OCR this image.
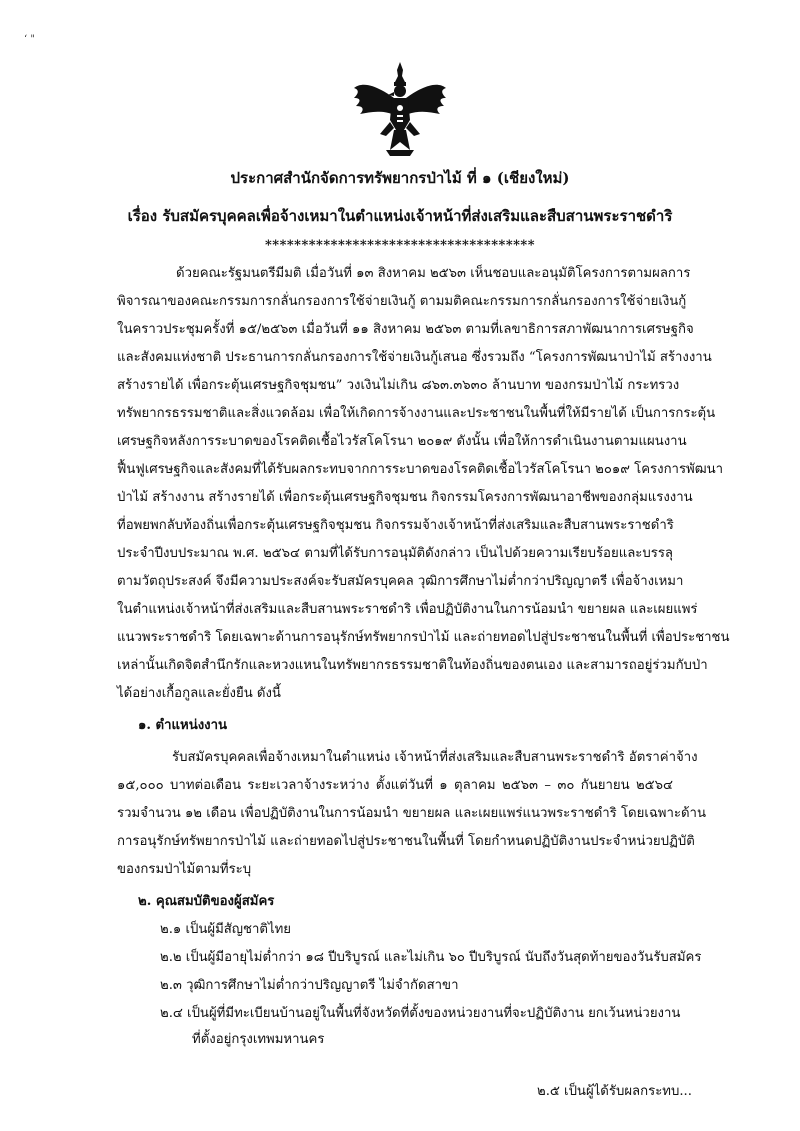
‘ "
ประกาศสำนักจัดการทรัพยากรป่าไม้ ที่ ๑ (เชียงใหม่)
เรื่อง รับสมัครบุคคลเพื่อจ้างเหมาในตำแหน่งเจ้าหน้าที่ส่งเสริมและสืบสานพระราชดำริ
*************************************
ด้วยคณะรัฐมนตรีมีมติ เมื่อวันที่ ๑๓ สิงหาคม ๒๕๖๓ เห็นชอบและอนุมัติโครงการตามผลการ
พิจารณาของคณะกรรมการกลั่นกรองการใช้จ่ายเงินกู้ ตามมติคณะกรรมการกลั่นกรองการใช้จ่ายเงินกู้
ในคราวประชุมครั้งที่ ๑๕/๒๕๖๓ เมื่อวันที่ ๑๑ สิงหาคม ๒๕๖๓ ตามที่เลขาธิการสภาพัฒนาการเศรษฐกิจ
และสังคมแห่งชาติ ประธานการกลั่นกรองการใช้จ่ายเงินกู้เสนอ ซึ่งรวมถึง “โครงการพัฒนาป่าไม้ สร้างงาน
สร้างรายได้ เพื่อกระตุ้นเศรษฐกิจชุมชน” วงเงินไม่เกิน ๘๖๓.๓๖๓๐ ล้านบาท ของกรมป่าไม้ กระทรวง
ทรัพยากรธรรมชาติและสิ่งแวดล้อม เพื่อให้เกิดการจ้างงานและประชาชนในพื้นที่ให้มีรายได้ เป็นการกระตุ้น
เศรษฐกิจหลังการระบาดของโรคติดเชื้อไวรัสโคโรนา ๒๐๑๙ ดังนั้น เพื่อให้การดำเนินงานตามแผนงาน
ฟื้นฟูเศรษฐกิจและสังคมที่ได้รับผลกระทบจากการระบาดของโรคติดเชื้อไวรัสโคโรนา ๒๐๑๙ โครงการพัฒนา
ป่าไม้ สร้างงาน สร้างรายได้ เพื่อกระตุ้นเศรษฐกิจชุมชน กิจกรรมโครงการพัฒนาอาชีพของกลุ่มแรงงาน
ที่อพยพกลับท้องถิ่นเพื่อกระตุ้นเศรษฐกิจชุมชน กิจกรรมจ้างเจ้าหน้าที่ส่งเสริมและสืบสานพระราชดำริ
ประจำปีงบประมาณ พ.ศ. ๒๕๖๔ ตามที่ได้รับการอนุมัติดังกล่าว เป็นไปด้วยความเรียบร้อยและบรรลุ
ตามวัตถุประสงค์ จึงมีความประสงค์จะรับสมัครบุคคล วุฒิการศึกษาไม่ต่ำกว่าปริญญาตรี เพื่อจ้างเหมา
ในตำแหน่งเจ้าหน้าที่ส่งเสริมและสืบสานพระราชดำริ เพื่อปฏิบัติงานในการน้อมนำ ขยายผล และเผยแพร่
แนวพระราชดำริ โดยเฉพาะด้านการอนุรักษ์ทรัพยากรป่าไม้ และถ่ายทอดไปสู่ประชาชนในพื้นที่ เพื่อประชาชน
เหล่านั้นเกิดจิตสำนึกรักและหวงแหนในทรัพยากรธรรมชาติในท้องถิ่นของตนเอง และสามารถอยู่ร่วมกับป่า
ได้อย่างเกื้อกูลและยั่งยืน ดังนี้
๑. ตำแหน่งงาน
รับสมัครบุคคลเพื่อจ้างเหมาในตำแหน่ง เจ้าหน้าที่ส่งเสริมและสืบสานพระราชดำริ อัตราค่าจ้าง
๑๕,๐๐๐ บาทต่อเดือน ระยะเวลาจ้างระหว่าง ตั้งแต่วันที่ ๑ ตุลาคม ๒๕๖๓ – ๓๐ กันยายน ๒๕๖๔
รวมจำนวน ๑๒ เดือน เพื่อปฏิบัติงานในการน้อมนำ ขยายผล และเผยแพร่แนวพระราชดำริ โดยเฉพาะด้าน
การอนุรักษ์ทรัพยากรป่าไม้ และถ่ายทอดไปสู่ประชาชนในพื้นที่ โดยกำหนดปฏิบัติงานประจำหน่วยปฏิบัติ
ของกรมป่าไม้ตามที่ระบุ
๒. คุณสมบัติของผู้สมัคร
๒.๑ เป็นผู้มีสัญชาติไทย
๒.๒ เป็นผู้มีอายุไม่ต่ำกว่า ๑๘ ปีบริบูรณ์ และไม่เกิน ๖๐ ปีบริบูรณ์ นับถึงวันสุดท้ายของวันรับสมัคร
๒.๓ วุฒิการศึกษาไม่ต่ำกว่าปริญญาตรี ไม่จำกัดสาขา
๒.๔ เป็นผู้ที่มีทะเบียนบ้านอยู่ในพื้นที่จังหวัดที่ตั้งของหน่วยงานที่จะปฏิบัติงาน ยกเว้นหน่วยงาน
ที่ตั้งอยู่กรุงเทพมหานคร
๒.๕ เป็นผู้ได้รับผลกระทบ...
